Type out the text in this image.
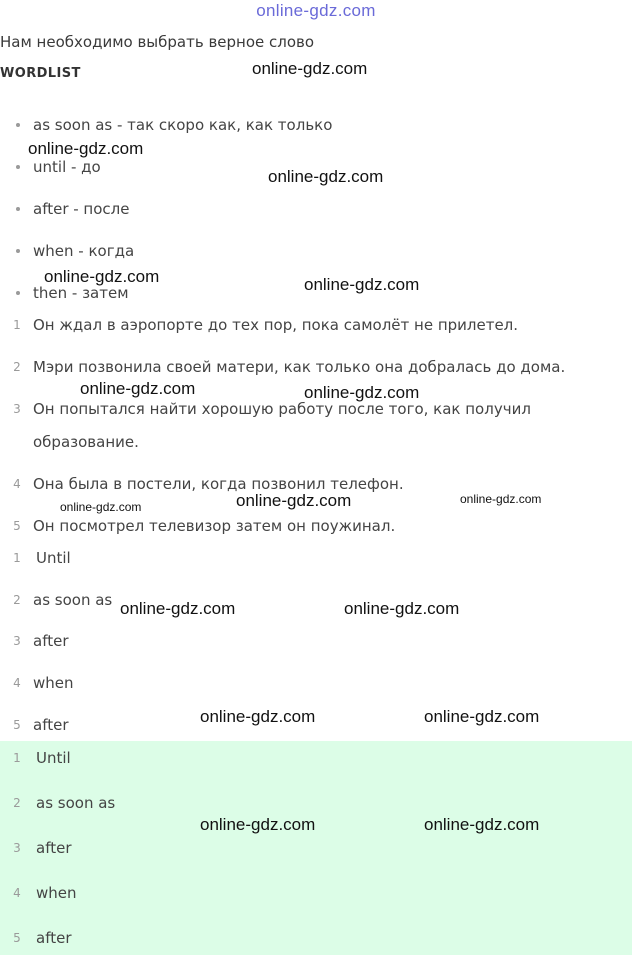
online-gdz.com
Нам необходимо выбрать верное слово
WORDLIST
as soon as - так скоро как, как только
until - до
after - после
when - когда
then - затем
1 Он ждал в аэропорте до тех пор, пока самолёт не прилетел.
2 Мэри позвонила своей матери, как только она добралась до дома.
3 Он попытался найти хорошую работу после того, как получил
образование.
4 Она была в постели, когда позвонил телефон.
5 Он посмотрел телевизор затем он поужинал.
1 Until
2 as soon as
3 after
4 when
5 after
1 Until
2 as soon as
3 after
4 when
5 after
online-gdz.com
online-gdz.com
online-gdz.com
online-gdz.com	online-gdz.com
online-gdz.com	online-gdz.com
online-gdz.com
online-gdz.com
online-gdz.com
online-gdz.com	online-gdz.com
online-gdz.com	online-gdz.com
online-gdz.com	online-gdz.com
